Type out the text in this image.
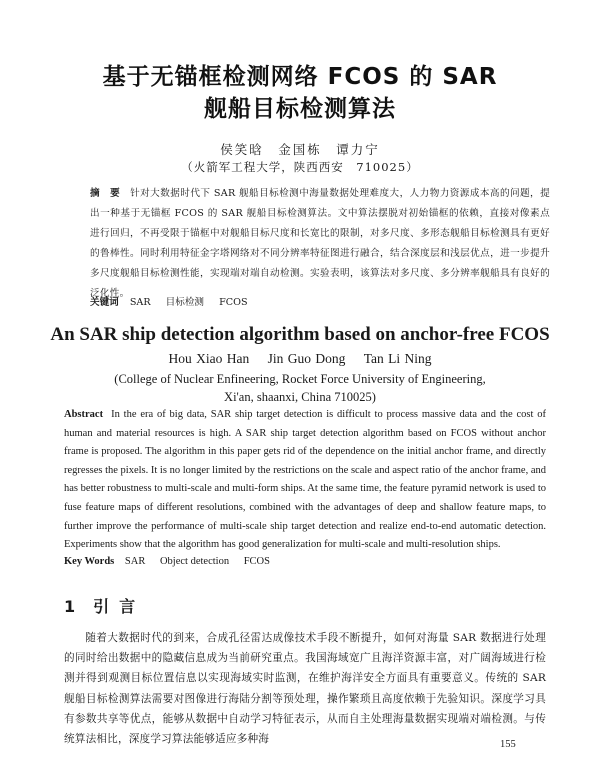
基于无锚框检测网络 FCOS 的 SAR
舰船目标检测算法
侯笑晗　金国栋　谭力宁
（火箭军工程大学，陕西西安　710025）
摘　要 针对大数据时代下 SAR 舰船目标检测中海量数据处理难度大，人力物力资源成本高的问题，提出一种基于无锚框 FCOS 的 SAR 舰船目标检测算法。文中算法摆脱对初始锚框的依赖，直接对像素点进行回归，不再受限于锚框中对舰船目标尺度和长宽比的限制，对多尺度、多形态舰船目标检测具有更好的鲁棒性。同时利用特征金字塔网络对不同分辨率特征图进行融合，结合深度层和浅层优点，进一步提升多尺度舰船目标检测性能，实现端对端自动检测。实验表明，该算法对多尺度、多分辨率舰船具有良好的泛化性。
关键词 SAR 目标检测 FCOS
An SAR ship detection algorithm based on anchor-free FCOS
Hou Xiao Han Jin Guo Dong Tan Li Ning
(College of Nuclear Enfineering, Rocket Force University of Engineering,
Xi'an, shaanxi, China 710025)
Abstract In the era of big data, SAR ship target detection is difficult to process massive data and the cost of human and material resources is high. A SAR ship target detection algorithm based on FCOS without anchor frame is proposed. The algorithm in this paper gets rid of the dependence on the initial anchor frame, and directly regresses the pixels. It is no longer limited by the restrictions on the scale and aspect ratio of the anchor frame, and has better robustness to multi-scale and multi-form ships. At the same time, the feature pyramid network is used to fuse feature maps of different resolutions, combined with the advantages of deep and shallow feature maps, to further improve the performance of multi-scale ship target detection and realize end-to-end automatic detection. Experiments show that the algorithm has good generalization for multi-scale and multi-resolution ships.
Key Words SAR Object detection FCOS
1 引言
随着大数据时代的到来，合成孔径雷达成像技术手段不断提升，如何对海量 SAR 数据进行处理的同时给出数据中的隐藏信息成为当前研究重点。我国海域宽广且海洋资源丰富，对广阔海域进行检测并得到观测目标位置信息以实现海域实时监测，在维护海洋安全方面具有重要意义。传统的 SAR 舰船目标检测算法需要对图像进行海陆分割等预处理，操作繁琐且高度依赖于先验知识。深度学习具有参数共享等优点，能够从数据中自动学习特征表示，从而自主处理海量数据实现端对端检测。与传统算法相比，深度学习算法能够适应多种海	155
